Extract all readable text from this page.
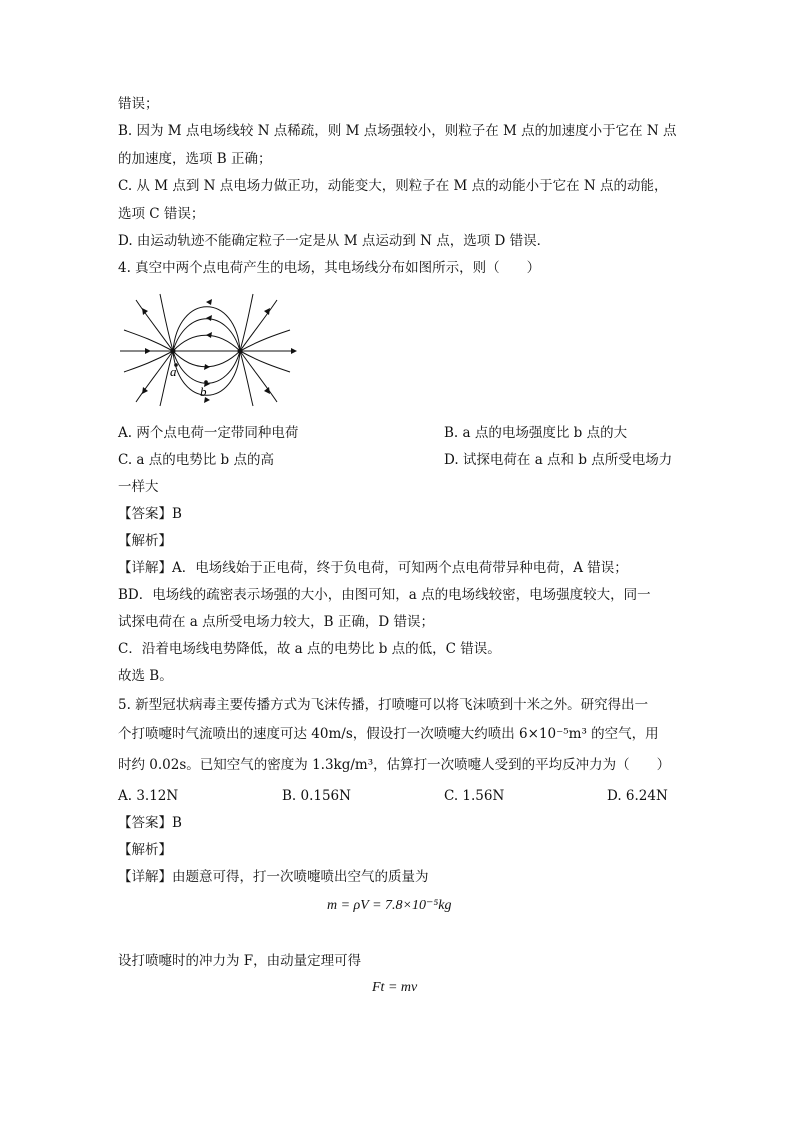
错误；
B. 因为 M 点电场线较 N 点稀疏，则 M 点场强较小，则粒子在 M 点的加速度小于它在 N 点
的加速度，选项 B 正确；
C. 从 M 点到 N 点电场力做正功，动能变大，则粒子在 M 点的动能小于它在 N 点的动能，
选项 C 错误；
D. 由运动轨迹不能确定粒子一定是从 M 点运动到 N 点，选项 D 错误．
4. 真空中两个点电荷产生的电场，其电场线分布如图所示，则（　　）
a
b
A. 两个点电荷一定带同种电荷	B. a 点的电场强度比 b 点的大
C. a 点的电势比 b 点的高	D. 试探电荷在 a 点和 b 点所受电场力
一样大
【答案】B
【解析】
【详解】A．电场线始于正电荷，终于负电荷，可知两个点电荷带异种电荷，A 错误；
BD．电场线的疏密表示场强的大小，由图可知，a 点的电场线较密，电场强度较大，同一
试探电荷在 a 点所受电场力较大，B 正确，D 错误；
C．沿着电场线电势降低，故 a 点的电势比 b 点的低，C 错误。
故选 B。
5. 新型冠状病毒主要传播方式为飞沫传播，打喷嚏可以将飞沫喷到十米之外。研究得出一
个打喷嚏时气流喷出的速度可达 40m/s，假设打一次喷嚏大约喷出 6×10⁻⁵m³ 的空气，用
时约 0.02s。已知空气的密度为 1.3kg/m³，估算打一次喷嚏人受到的平均反冲力为（　　）
A. 3.12N	B. 0.156N	C. 1.56N	D. 6.24N
【答案】B
【解析】
【详解】由题意可得，打一次喷嚏喷出空气的质量为
m = ρV = 7.8×10⁻⁵kg
设打喷嚏时的冲力为 F，由动量定理可得
Ft = mv
